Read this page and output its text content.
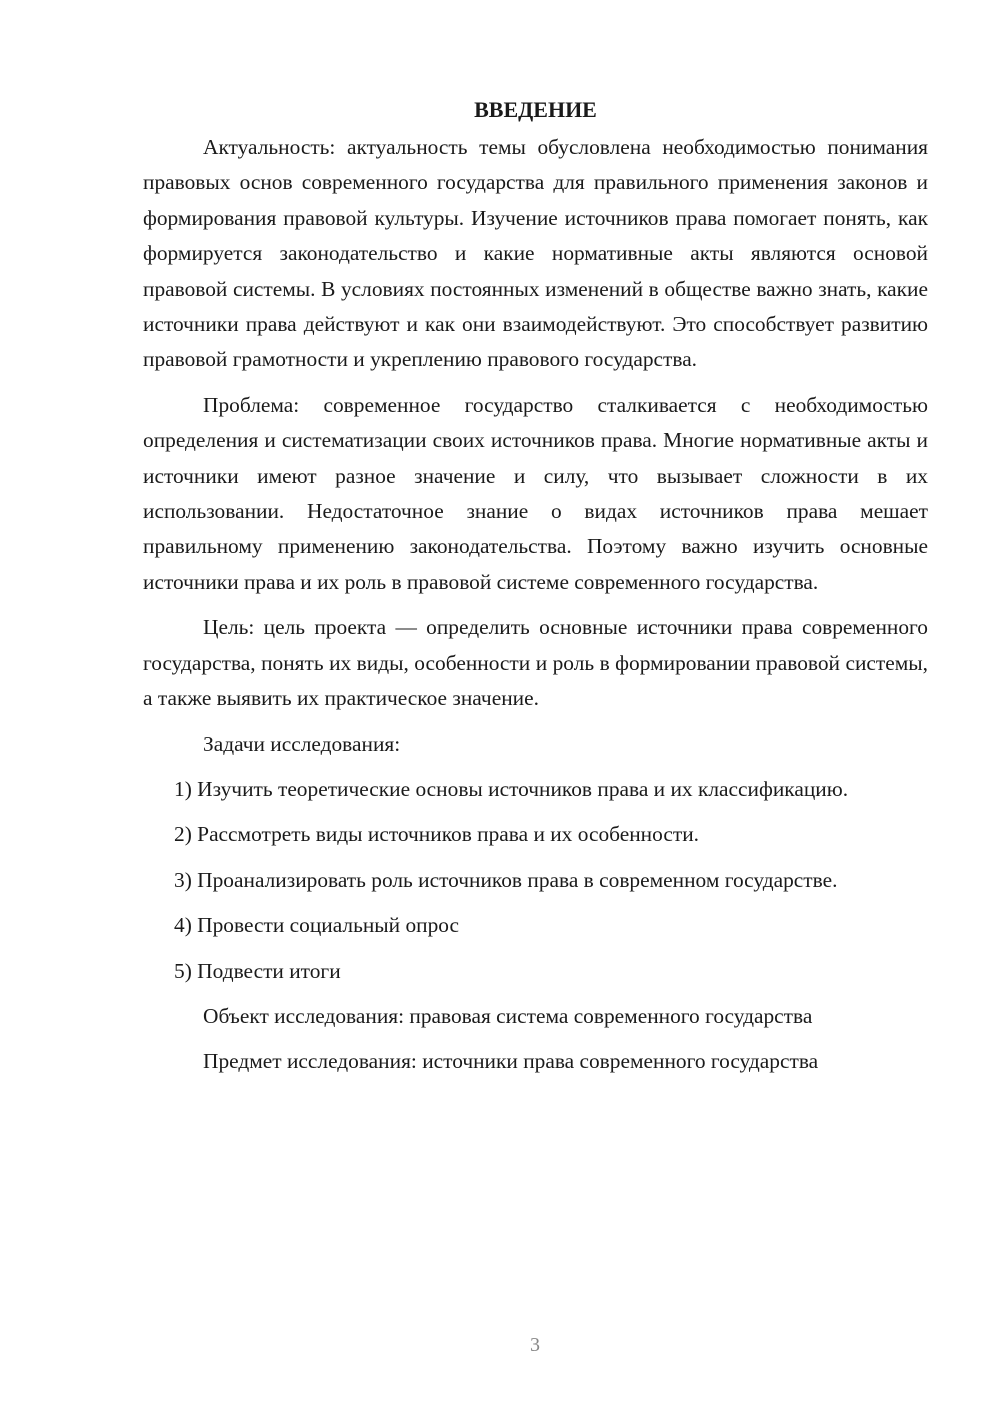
ВВЕДЕНИЕ

Актуальность: актуальность темы обусловлена необходимостью понимания правовых основ современного государства для правильного применения законов и формирования правовой культуры. Изучение источников права помогает понять, как формируется законодательство и какие нормативные акты являются основой правовой системы. В условиях постоянных изменений в обществе важно знать, какие источники права действуют и как они взаимодействуют. Это способствует развитию правовой грамотности и укреплению правового государства.

Проблема: современное государство сталкивается с необходимостью определения и систематизации своих источников права. Многие нормативные акты и источники имеют разное значение и силу, что вызывает сложности в их использовании. Недостаточное знание о видах источников права мешает правильному применению законодательства. Поэтому важно изучить основные источники права и их роль в правовой системе современного государства.

Цель: цель проекта — определить основные источники права современного государства, понять их виды, особенности и роль в формировании правовой системы, а также выявить их практическое значение.

Задачи исследования:

1) Изучить теоретические основы источников права и их классификацию.

2) Рассмотреть виды источников права и их особенности.

3) Проанализировать роль источников права в современном государстве.

4) Провести социальный опрос

5) Подвести итоги

Объект исследования: правовая система современного государства

Предмет исследования: источники права современного государства

3
